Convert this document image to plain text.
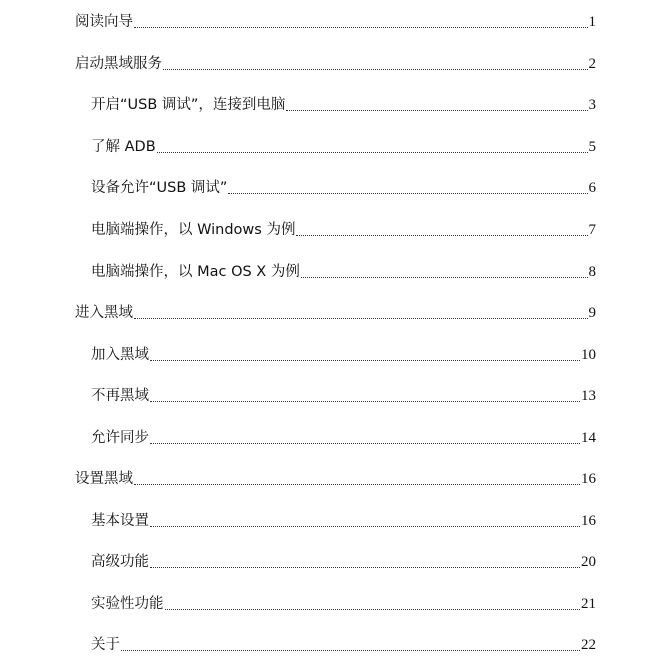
阅读向导	1
启动黑域服务	2
开启“USB 调试”，连接到电脑	3
了解 ADB	5
设备允许“USB 调试”	6
电脑端操作，以 Windows 为例	7
电脑端操作，以 Mac OS X 为例	8
进入黑域	9
加入黑域	10
不再黑域	13
允许同步	14
设置黑域	16
基本设置	16
高级功能	20
实验性功能	21
关于	22
